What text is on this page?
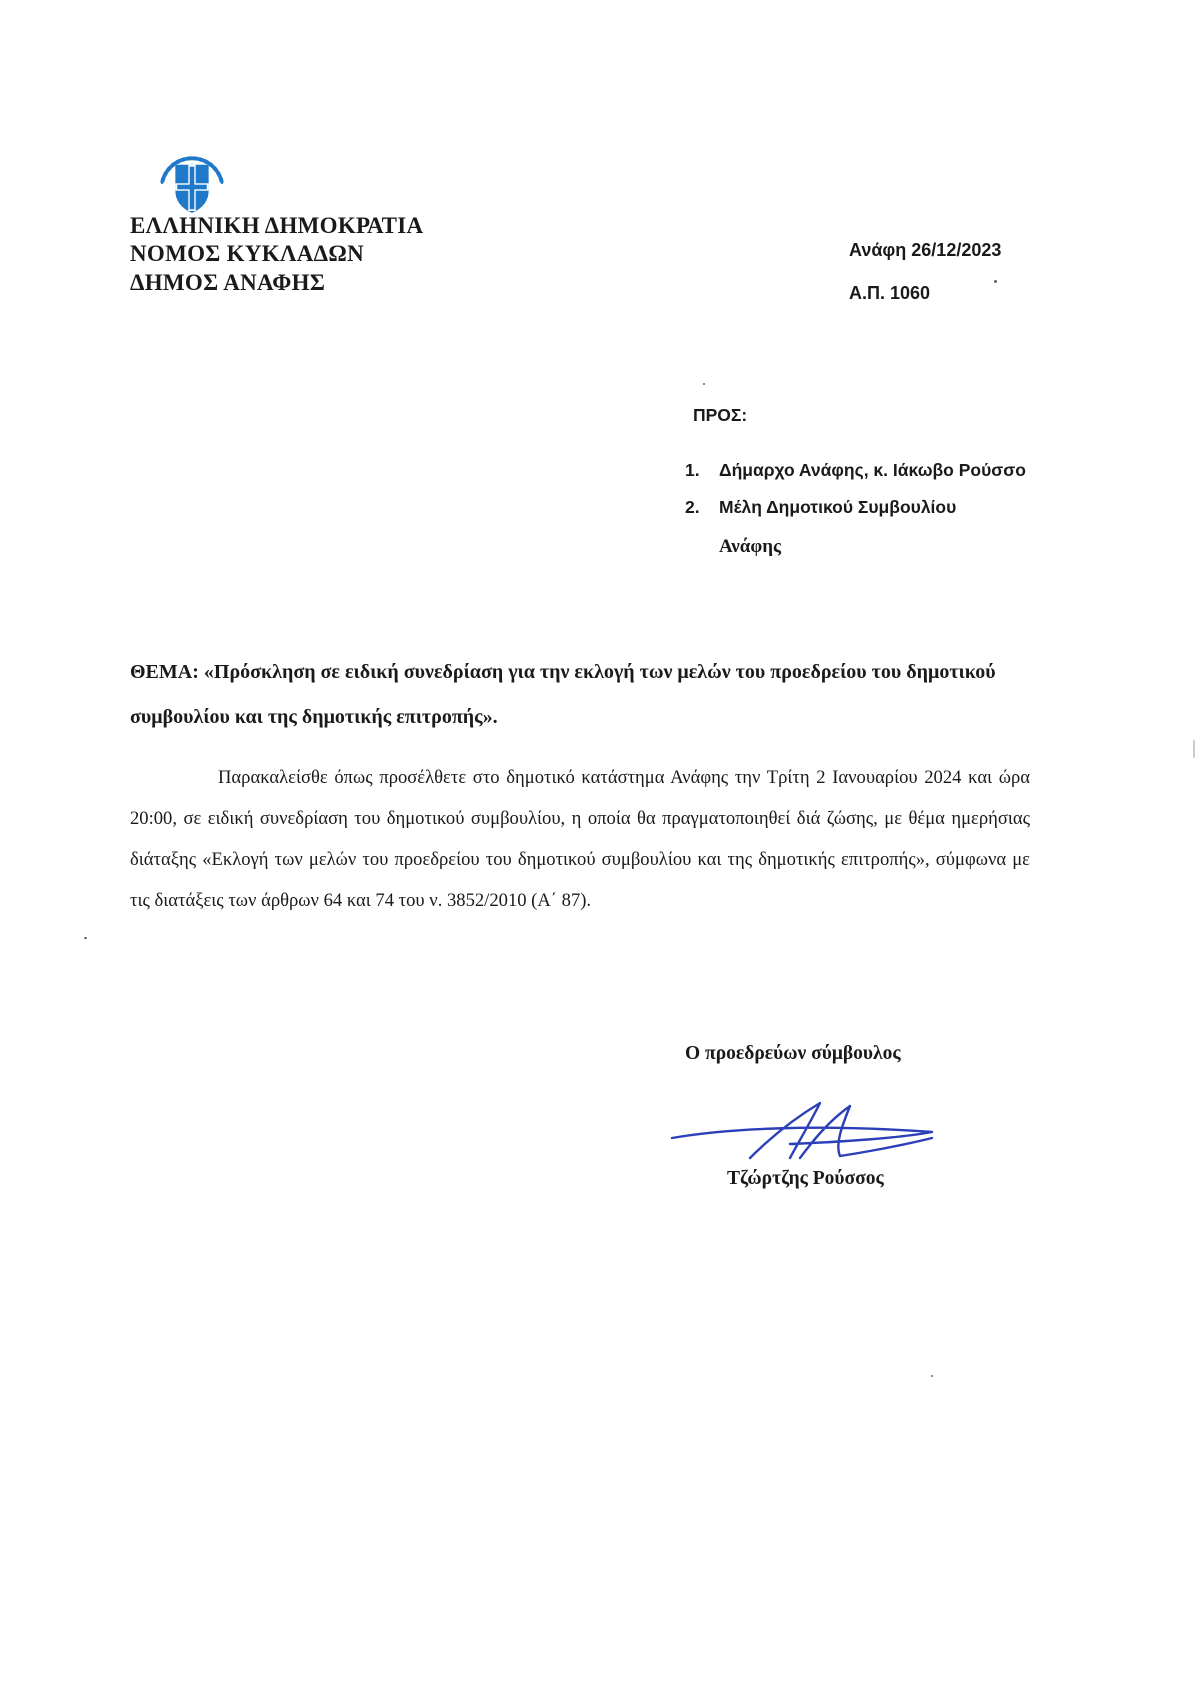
ΕΛΛΗΝΙΚΗ ΔΗΜΟΚΡΑΤΙΑ
ΝΟΜΟΣ ΚΥΚΛΑΔΩΝ
ΔΗΜΟΣ ΑΝΑΦΗΣ
Ανάφη 26/12/2023
Α.Π. 1060
ΠΡΟΣ:
1. Δήμαρχο Ανάφης, κ. Ιάκωβο Ρούσσο
2. Μέλη Δημοτικού Συμβουλίου
Ανάφης
ΘΕΜΑ: «Πρόσκληση σε ειδική συνεδρίαση για την εκλογή των μελών του προεδρείου του δημοτικού συμβουλίου και της δημοτικής επιτροπής».
Παρακαλείσθε όπως προσέλθετε στο δημοτικό κατάστημα Ανάφης την Τρίτη 2 Ιανουαρίου 2024 και ώρα 20:00, σε ειδική συνεδρίαση του δημοτικού συμβουλίου, η οποία θα πραγματοποιηθεί διά ζώσης, με θέμα ημερήσιας διάταξης «Εκλογή των μελών του προεδρείου του δημοτικού συμβουλίου και της δημοτικής επιτροπής», σύμφωνα με τις διατάξεις των άρθρων 64 και 74 του ν. 3852/2010 (Α΄ 87).
Ο προεδρεύων σύμβουλος
Τζώρτζης Ρούσσος
